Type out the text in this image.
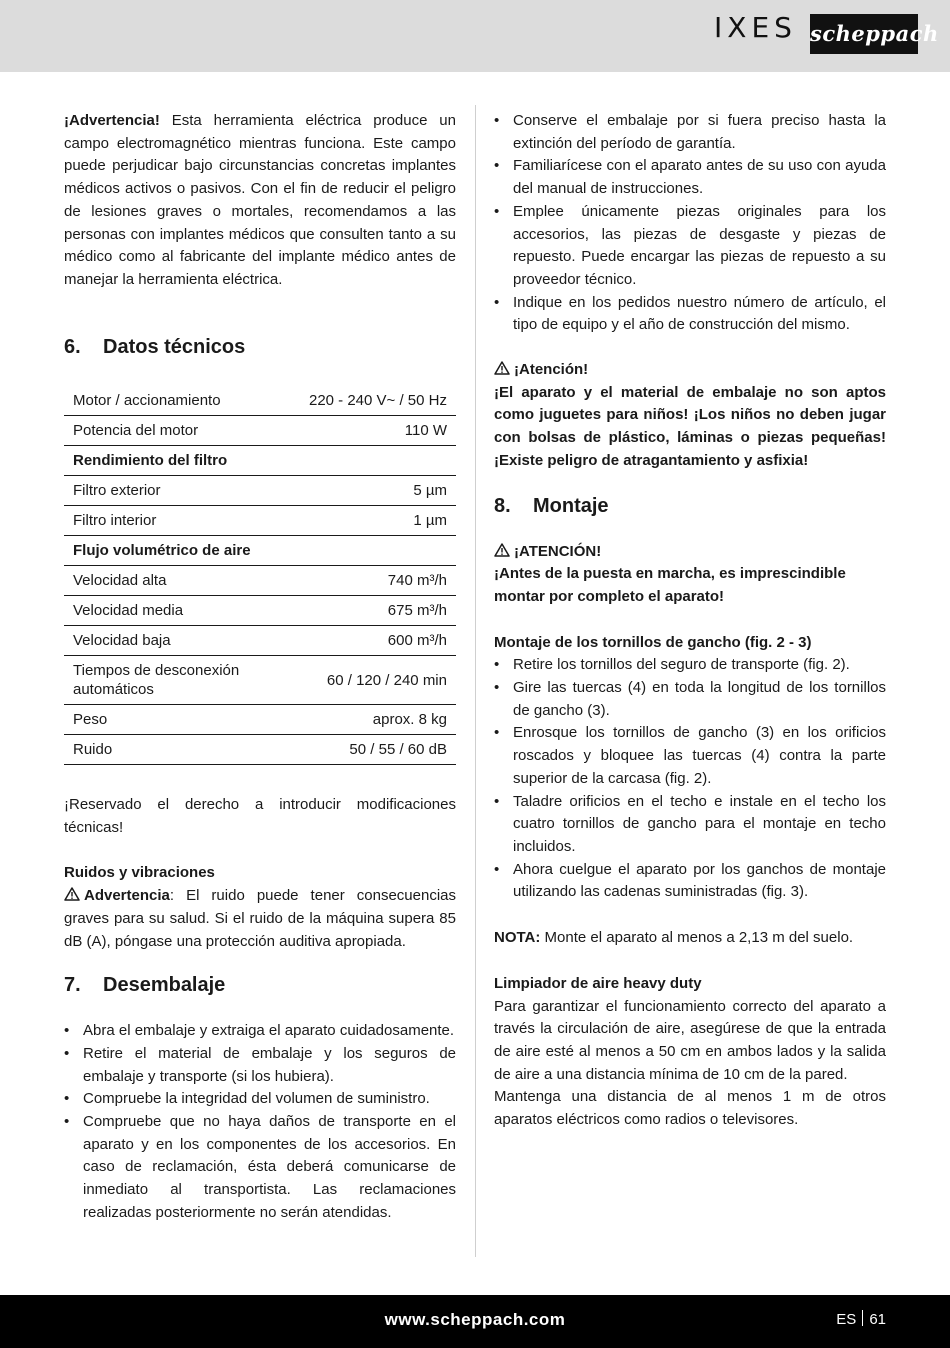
IXES scheppach

¡Advertencia! Esta herramienta eléctrica produce un campo electromagnético mientras funciona. Este campo puede perjudicar bajo circunstancias concretas implantes médicos activos o pasivos. Con el fin de reducir el peligro de lesiones graves o mortales, recomendamos a las personas con implantes médicos que consulten tanto a su médico como al fabricante del implante médico antes de manejar la herramienta eléctrica.

6.	Datos técnicos
Motor / accionamiento	220 - 240 V~ / 50 Hz
Potencia del motor	110 W
Rendimiento del filtro	
Filtro exterior	5 µm
Filtro interior	1 µm
Flujo volumétrico de aire	
Velocidad alta	740 m³/h
Velocidad media	675 m³/h
Velocidad baja	600 m³/h
Tiempos de desconexión automáticos	60 / 120 / 240 min
Peso	aprox. 8 kg
Ruido	50 / 55 / 60 dB

¡Reservado el derecho a introducir modificaciones técnicas!

Ruidos y vibraciones

Advertencia: El ruido puede tener consecuencias graves para su salud. Si el ruido de la máquina supera 85 dB (A), póngase una protección auditiva apropiada.

7.	Desembalaje
• Abra el embalaje y extraiga el aparato cuidadosamente.
• Retire el material de embalaje y los seguros de embalaje y transporte (si los hubiera).
• Compruebe la integridad del volumen de suministro.
• Compruebe que no haya daños de transporte en el aparato y en los componentes de los accesorios. En caso de reclamación, ésta deberá comunicarse de inmediato al transportista. Las reclamaciones realizadas posteriormente no serán atendidas.
• Conserve el embalaje por si fuera preciso hasta la extinción del período de garantía.
• Familiarícese con el aparato antes de su uso con ayuda del manual de instrucciones.
• Emplee únicamente piezas originales para los accesorios, las piezas de desgaste y piezas de repuesto. Puede encargar las piezas de repuesto a su proveedor técnico.
• Indique en los pedidos nuestro número de artículo, el tipo de equipo y el año de construcción del mismo.

¡Atención!

¡El aparato y el material de embalaje no son aptos como juguetes para niños! ¡Los niños no deben jugar con bolsas de plástico, láminas o piezas pequeñas! ¡Existe peligro de atragantamiento y asfixia!

8.	Montaje

¡ATENCIÓN!

¡Antes de la puesta en marcha, es imprescindible montar por completo el aparato!

Montaje de los tornillos de gancho (fig. 2 - 3)

• Retire los tornillos del seguro de transporte (fig. 2).
• Gire las tuercas (4) en toda la longitud de los tornillos de gancho (3).
• Enrosque los tornillos de gancho (3) en los orificios roscados y bloquee las tuercas (4) contra la parte superior de la carcasa (fig. 2).
• Taladre orificios en el techo e instale en el techo los cuatro tornillos de gancho para el montaje en techo incluidos.
• Ahora cuelgue el aparato por los ganchos de montaje utilizando las cadenas suministradas (fig. 3).

NOTA: Monte el aparato al menos a 2,13 m del suelo.

Limpiador de aire heavy duty

Para garantizar el funcionamiento correcto del aparato a través la circulación de aire, asegúrese de que la entrada de aire esté al menos a 50 cm en ambos lados y la salida de aire a una distancia mínima de 10 cm de la pared.

Mantenga una distancia de al menos 1 m de otros aparatos eléctricos como radios o televisores.

www.scheppach.com	ES 61
